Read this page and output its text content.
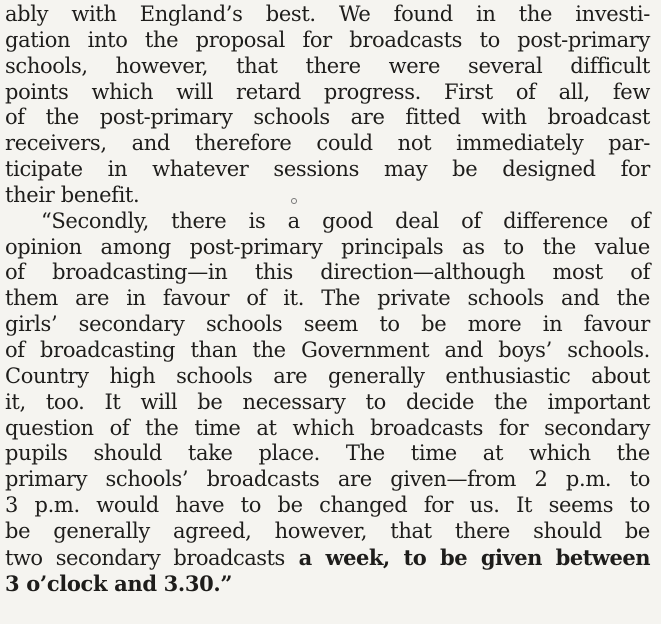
ably with England’s best. We found in the investi-
gation into the proposal for broadcasts to post-primary
schools, however, that there were several difficult
points which will retard progress. First of all, few
of the post-primary schools are fitted with broadcast
receivers, and therefore could not immediately par-
ticipate in whatever sessions may be designed for
their benefit.
“Secondly, there is a good deal of difference of
opinion among post-primary principals as to the value
of broadcasting—in this direction—although most of
them are in favour of it. The private schools and the
girls’ secondary schools seem to be more in favour
of broadcasting than the Government and boys’ schools.
Country high schools are generally enthusiastic about
it, too. It will be necessary to decide the important
question of the time at which broadcasts for secondary
pupils should take place. The time at which the
primary schools’ broadcasts are given—from 2 p.m. to
3 p.m. would have to be changed for us. It seems to
be generally agreed, however, that there should be
two secondary broadcasts a week, to be given between
3 o’clock and 3.30.”
